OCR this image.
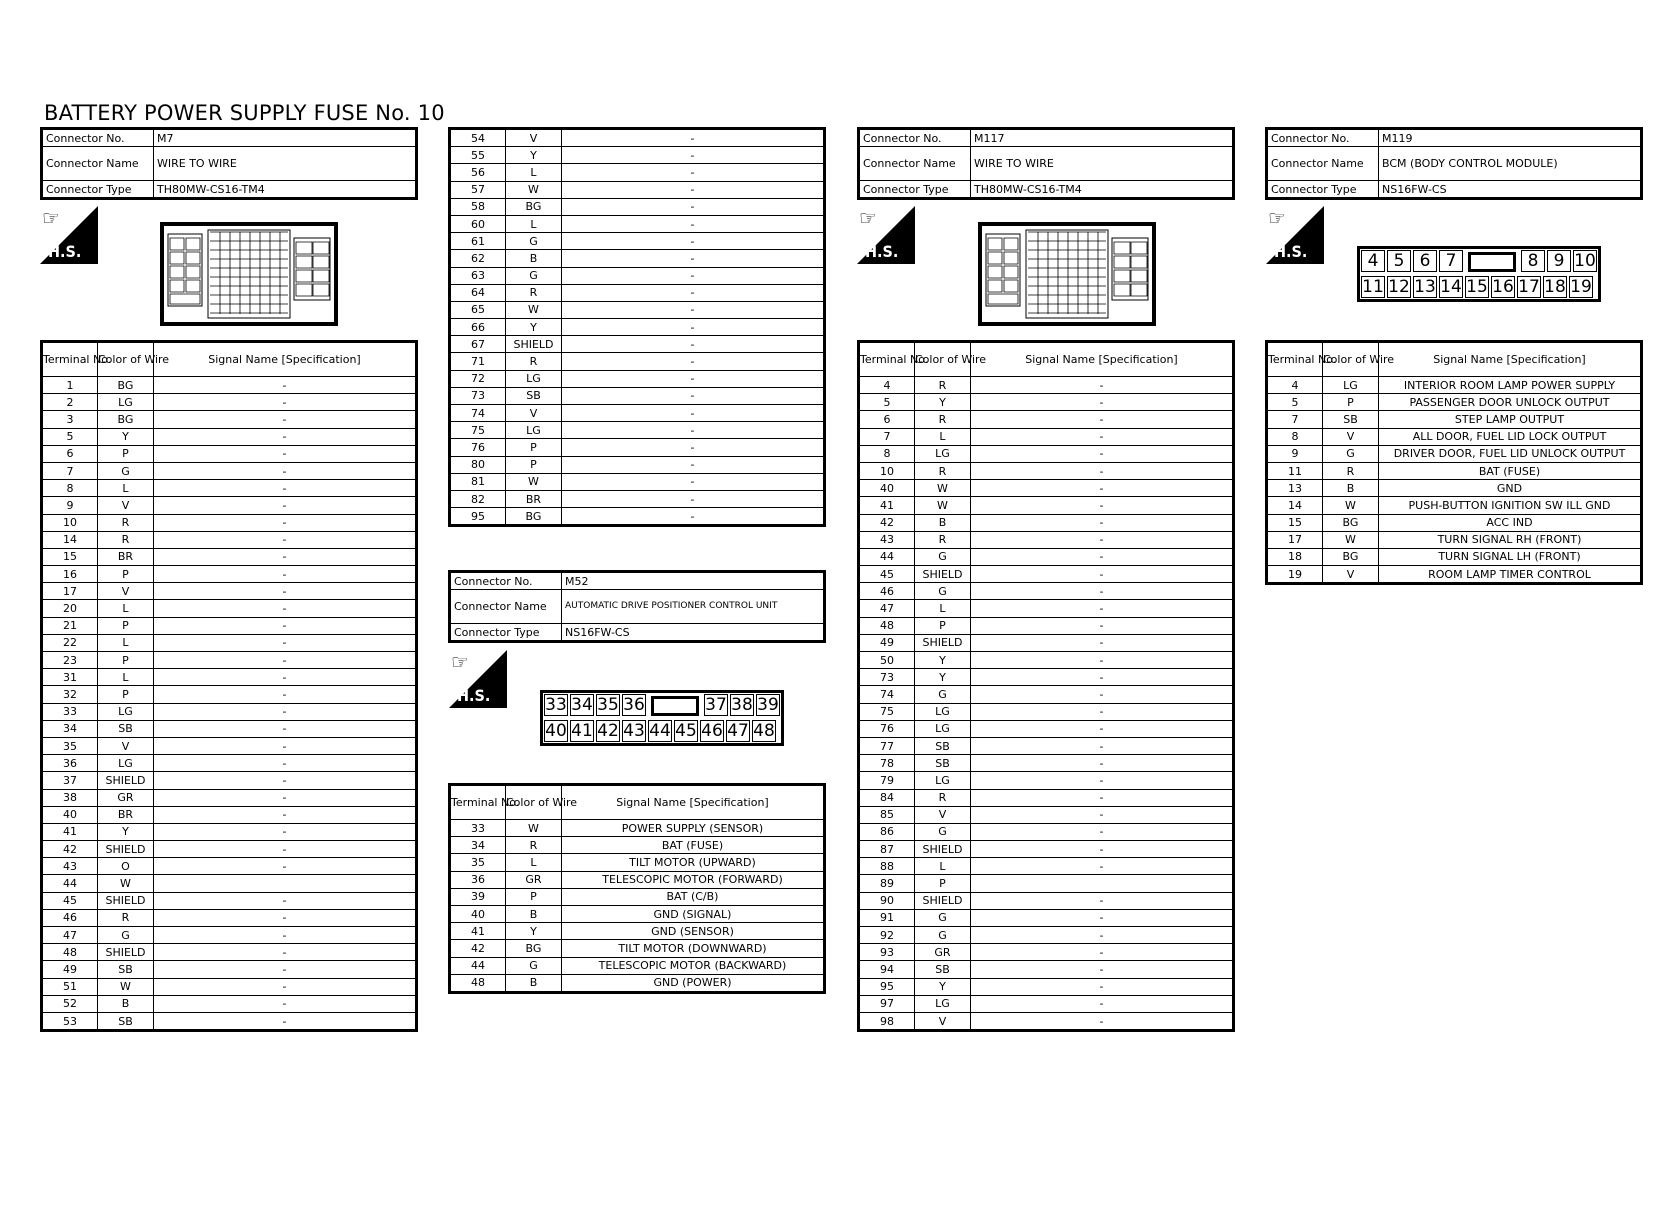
BATTERY POWER SUPPLY FUSE No. 10
Connector No.	M7
Connector Name	WIRE TO WIRE
Connector Type	TH80MW-CS16-TM4
☞
H.S.
Terminal No.	Color of Wire	Signal Name [Specification]
1	BG	-
2	LG	-
3	BG	-
5	Y	-
6	P	-
7	G	-
8	L	-
9	V	-
10	R	-
14	R	-
15	BR	-
16	P	-
17	V	-
20	L	-
21	P	-
22	L	-
23	P	-
31	L	-
32	P	-
33	LG	-
34	SB	-
35	V	-
36	LG	-
37	SHIELD	-
38	GR	-
40	BR	-
41	Y	-
42	SHIELD	-
43	O	-
44	W	
45	SHIELD	-
46	R	-
47	G	-
48	SHIELD	-
49	SB	-
51	W	-
52	B	-
53	SB	-
54	V	-
55	Y	-
56	L	-
57	W	-
58	BG	-
60	L	-
61	G	-
62	B	-
63	G	-
64	R	-
65	W	-
66	Y	-
67	SHIELD	-
71	R	-
72	LG	-
73	SB	-
74	V	-
75	LG	-
76	P	-
80	P	-
81	W	-
82	BR	-
95	BG	-
Connector No.	M52
Connector Name	AUTOMATIC DRIVE POSITIONER CONTROL UNIT
Connector Type	NS16FW-CS
☞
H.S.	33 34 35 36	37 38 39
40 41 42 43 44 45 46 47 48
Terminal No.	Color of Wire	Signal Name [Specification]
33	W	POWER SUPPLY (SENSOR)
34	R	BAT (FUSE)
35	L	TILT MOTOR (UPWARD)
36	GR	TELESCOPIC MOTOR (FORWARD)
39	P	BAT (C/B)
40	B	GND (SIGNAL)
41	Y	GND (SENSOR)
42	BG	TILT MOTOR (DOWNWARD)
44	G	TELESCOPIC MOTOR (BACKWARD)
48	B	GND (POWER)
Connector No.	M117
Connector Name	WIRE TO WIRE
Connector Type	TH80MW-CS16-TM4
☞
H.S.
Terminal No.	Color of Wire	Signal Name [Specification]
4	R	-
5	Y	-
6	R	-
7	L	-
8	LG	-
10	R	-
40	W	-
41	W	-
42	B	-
43	R	-
44	G	-
45	SHIELD	-
46	G	-
47	L	-
48	P	-
49	SHIELD	-
50	Y	-
73	Y	-
74	G	-
75	LG	-
76	LG	-
77	SB	-
78	SB	-
79	LG	-
84	R	-
85	V	-
86	G	-
87	SHIELD	-
88	L	-
89	P	
90	SHIELD	-
91	G	-
92	G	-
93	GR	-
94	SB	-
95	Y	-
97	LG	-
98	V	-
Connector No.	M119
Connector Name	BCM (BODY CONTROL MODULE)
Connector Type	NS16FW-CS
☞
H.S.	4 5 6 7	8 9 10
11 12 13 14 15 16 17 18 19
Terminal No.	Color of Wire	Signal Name [Specification]
4	LG	INTERIOR ROOM LAMP POWER SUPPLY
5	P	PASSENGER DOOR UNLOCK OUTPUT
7	SB	STEP LAMP OUTPUT
8	V	ALL DOOR, FUEL LID LOCK OUTPUT
9	G	DRIVER DOOR, FUEL LID UNLOCK OUTPUT
11	R	BAT (FUSE)
13	B	GND
14	W	PUSH-BUTTON IGNITION SW ILL GND
15	BG	ACC IND
17	W	TURN SIGNAL RH (FRONT)
18	BG	TURN SIGNAL LH (FRONT)
19	V	ROOM LAMP TIMER CONTROL
